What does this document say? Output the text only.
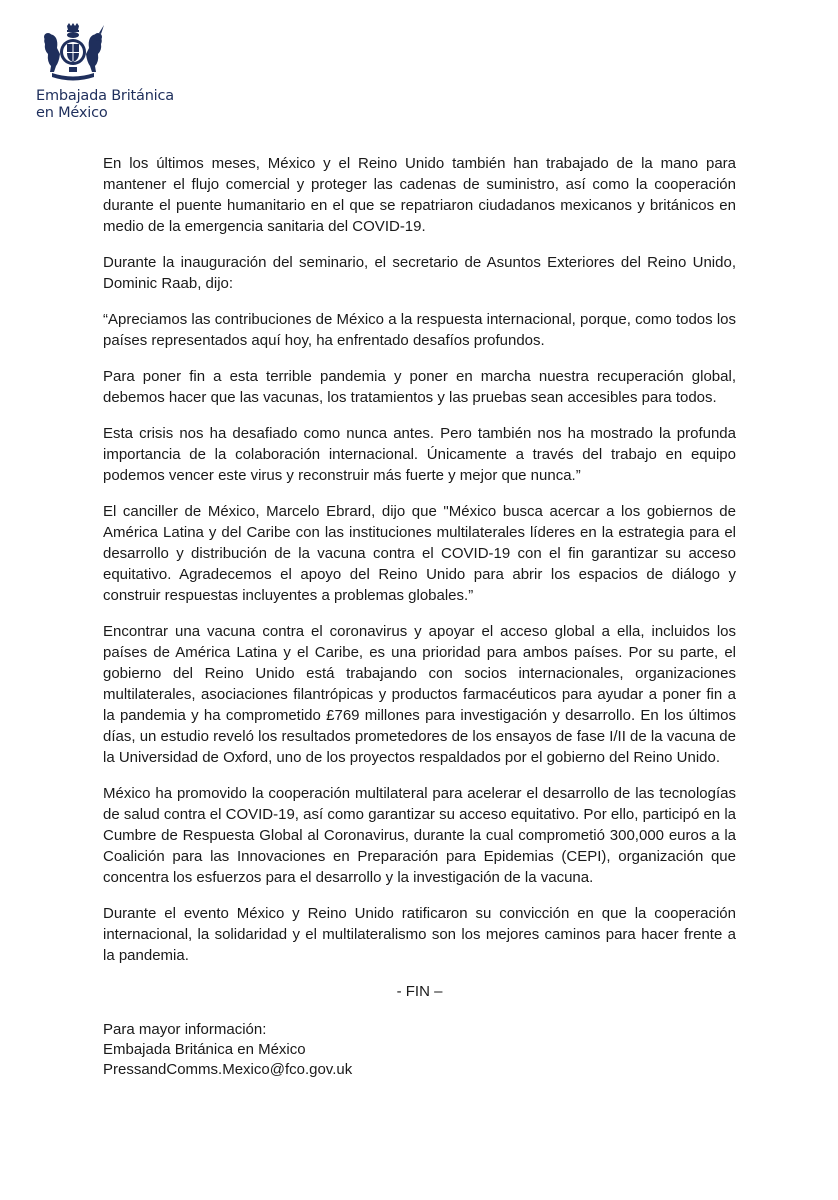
Embajada Británica
en México

En los últimos meses, México y el Reino Unido también han trabajado de la mano para mantener el flujo comercial y proteger las cadenas de suministro, así como la cooperación durante el puente humanitario en el que se repatriaron ciudadanos mexicanos y británicos en medio de la emergencia sanitaria del COVID-19.

Durante la inauguración del seminario, el secretario de Asuntos Exteriores del Reino Unido, Dominic Raab, dijo:

“Apreciamos las contribuciones de México a la respuesta internacional, porque, como todos los países representados aquí hoy, ha enfrentado desafíos profundos.

Para poner fin a esta terrible pandemia y poner en marcha nuestra recuperación global, debemos hacer que las vacunas, los tratamientos y las pruebas sean accesibles para todos.

Esta crisis nos ha desafiado como nunca antes. Pero también nos ha mostrado la profunda importancia de la colaboración internacional. Únicamente a través del trabajo en equipo podemos vencer este virus y reconstruir más fuerte y mejor que nunca.”

El canciller de México, Marcelo Ebrard, dijo que "México busca acercar a los gobiernos de América Latina y del Caribe con las instituciones multilaterales líderes en la estrategia para el desarrollo y distribución de la vacuna contra el COVID-19 con el fin garantizar su acceso equitativo. Agradecemos el apoyo del Reino Unido para abrir los espacios de diálogo y construir respuestas incluyentes a problemas globales.”

Encontrar una vacuna contra el coronavirus y apoyar el acceso global a ella, incluidos los países de América Latina y el Caribe, es una prioridad para ambos países. Por su parte, el gobierno del Reino Unido está trabajando con socios internacionales, organizaciones multilaterales, asociaciones filantrópicas y productos farmacéuticos para ayudar a poner fin a la pandemia y ha comprometido £769 millones para investigación y desarrollo. En los últimos días, un estudio reveló los resultados prometedores de los ensayos de fase I/II de la vacuna de la Universidad de Oxford, uno de los proyectos respaldados por el gobierno del Reino Unido.

México ha promovido la cooperación multilateral para acelerar el desarrollo de las tecnologías de salud contra el COVID-19, así como garantizar su acceso equitativo. Por ello, participó en la Cumbre de Respuesta Global al Coronavirus, durante la cual comprometió 300,000 euros a la Coalición para las Innovaciones en Preparación para Epidemias (CEPI), organización que concentra los esfuerzos para el desarrollo y la investigación de la vacuna.

Durante el evento México y Reino Unido ratificaron su convicción en que la cooperación internacional, la solidaridad y el multilateralismo son los mejores caminos para hacer frente a la pandemia.

- FIN –
Para mayor información:
Embajada Británica en México
PressandComms.Mexico@fco.gov.uk
